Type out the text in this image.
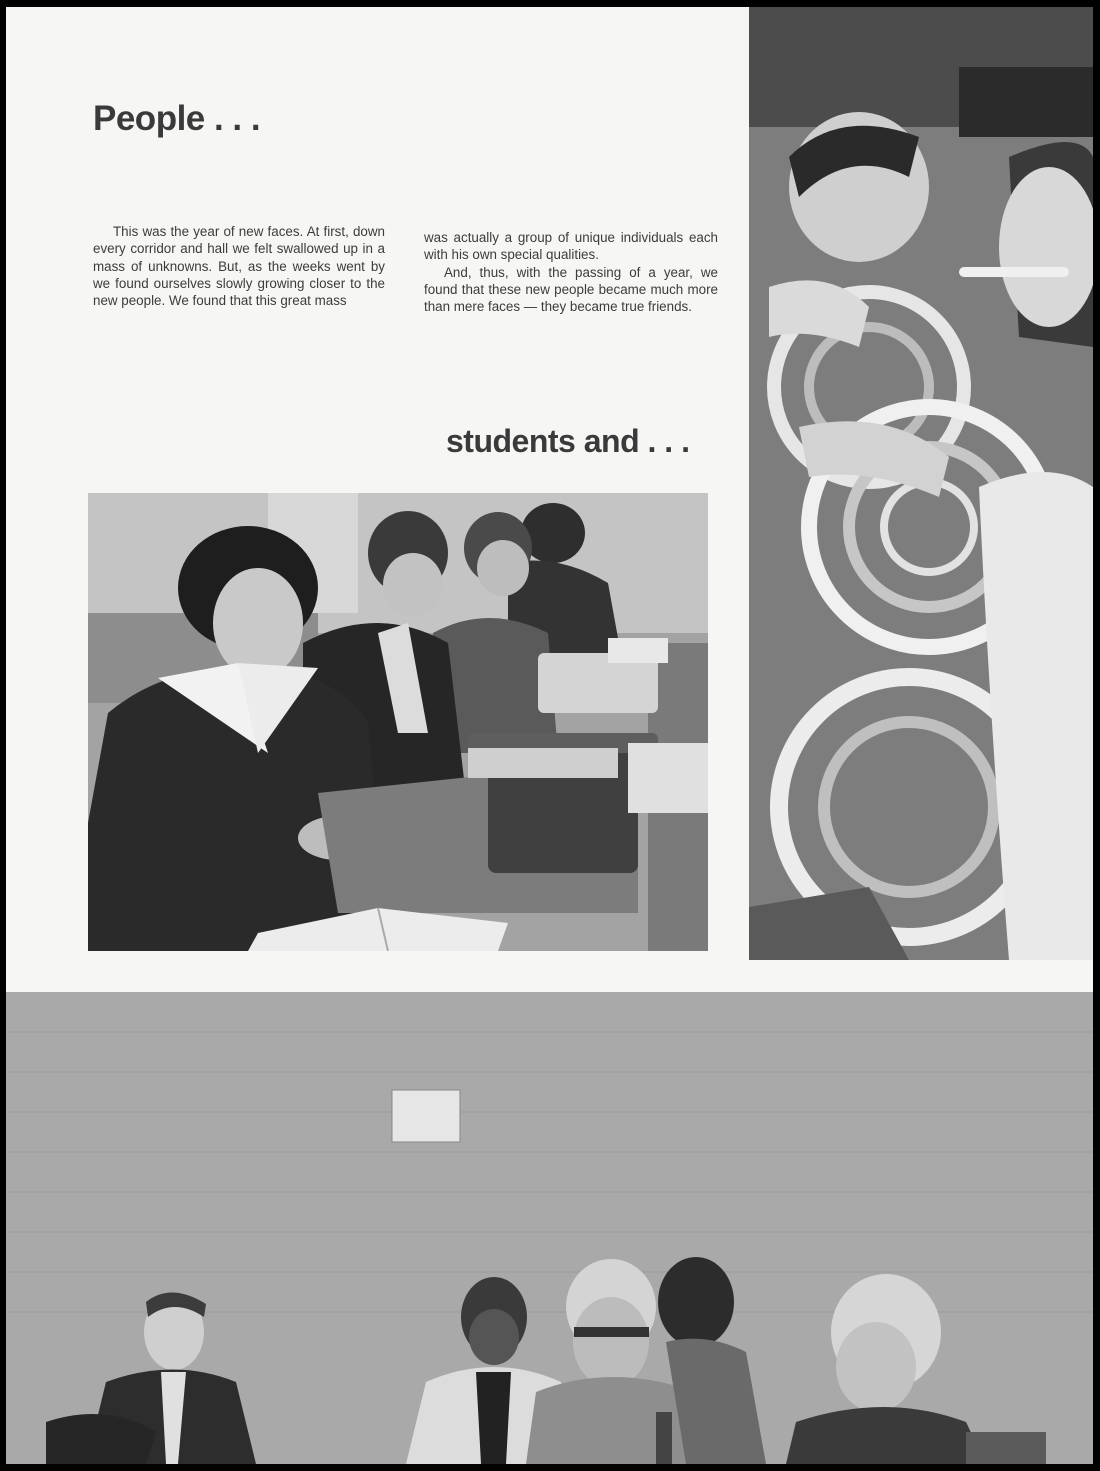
People . . .

This was the year of new faces. At first, down every corridor and hall we felt swallowed up in a mass of unknowns. But, as the weeks went by we found ourselves slowly growing closer to the new people. We found that this great mass

was actually a group of unique individuals each with his own special qualities.

And, thus, with the passing of a year, we found that these new people became much more than mere faces — they became true friends.

students and . . .
